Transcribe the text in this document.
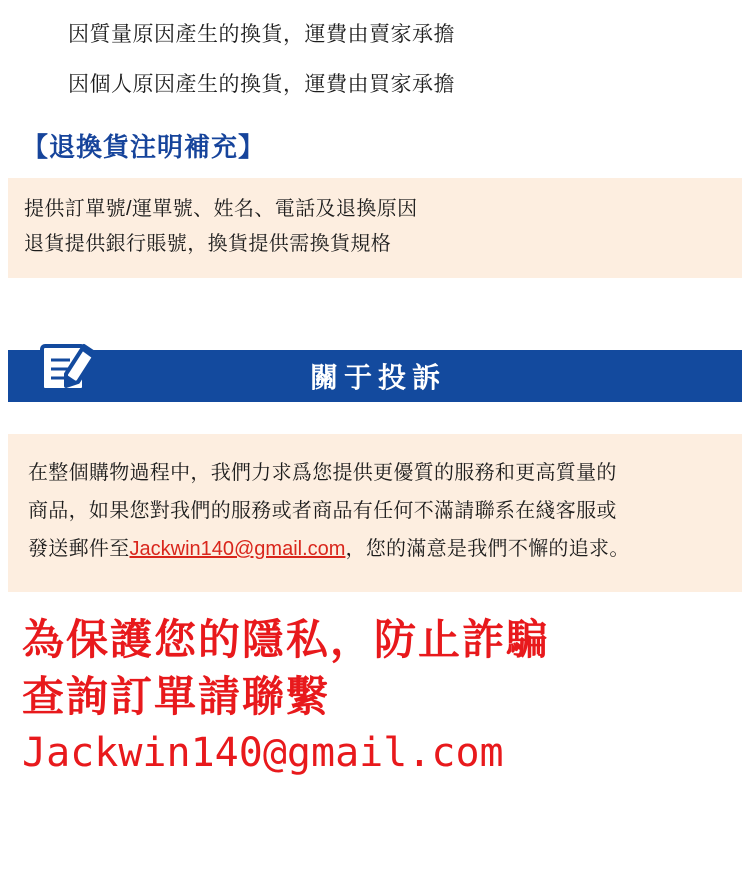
因質量原因產生的換貨，運費由賣家承擔
因個人原因產生的換貨，運費由買家承擔
【退換貨注明補充】
提供訂單號/運單號、姓名、電話及退換原因
退貨提供銀行賬號，換貨提供需換貨規格
關于投訴
在整個購物過程中，我們力求爲您提供更優質的服務和更高質量的
商品，如果您對我們的服務或者商品有任何不滿請聯系在綫客服或
發送郵件至Jackwin140@gmail.com，您的滿意是我們不懈的追求。
為保護您的隱私，防止詐騙
查詢訂單請聯繫
Jackwin140@gmail.com
